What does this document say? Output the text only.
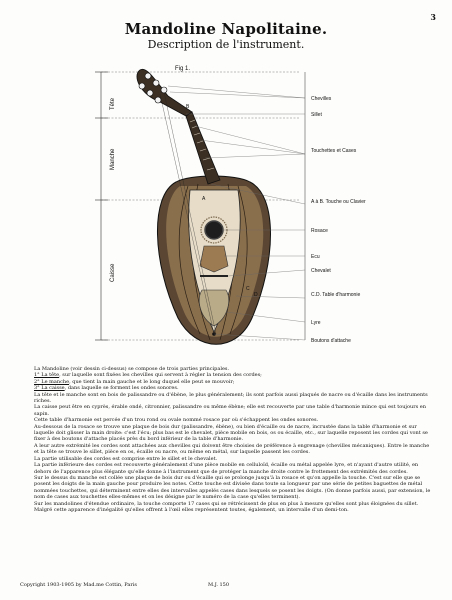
3
Mandoline Napolitaine.
Description de l'instrument.
Fig 1.
Tête
Manche
Caisse
Chevilles
Sillet
Touchettes et Cases
A à B. Touche ou Clavier
Rosace
Ecu
Chevalet
C.D. Table d'harmonie
Lyre
Boutons d'attache
A
B
C
D

La Mandoline (voir dessin ci-dessus) se compose de trois parties principales.

1° La tête, sur laquelle sont fixées les chevilles qui servent à régler la tension des cordes;

2° Le manche, que tient la main gauche et le long duquel elle peut se mouvoir;

3° La caisse, dans laquelle se forment les ondes sonores.

La tête et le manche sont en bois de palissandre ou d'ébène, le plus généralement; ils sont parfois aussi plaqués de nacre ou d'écaille dans les instruments riches.

La caisse peut être en cyprès, érable ondé, citronnier, palissandre ou même ébène; elle est recouverte par une table d'harmonie mince qui est toujours en sapin.

Cette table d'harmonie est percée d'un trou rond ou ovale nommé rosace par où s'échappent les ondes sonores.

Au-dessous de la rosace se trouve une plaque de bois dur (palissandre, ébène), ou bien d'écaille ou de nacre, incrustée dans la table d'harmonie et sur laquelle doit glisser la main droite: c'est l'écu; plus bas est le chevalet, pièce mobile en bois, os ou écaille, etc., sur laquelle reposent les cordes qui vont se fixer à des boutons d'attache placés près du bord inférieur de la table d'harmonie.

A leur autre extrémité les cordes sont attachées aux chevilles qui doivent être choisies de préférence à engrenage (chevilles mécaniques). Entre le manche et la tête se trouve le sillet, pièce en os, écaille ou nacre, ou même en métal, sur laquelle passent les cordes.

La partie utilisable des cordes est comprise entre le sillet et le chevalet.

La partie inférieure des cordes est recouverte généralement d'une pièce mobile en celluloïd, écaille ou métal appelée lyre, et n'ayant d'autre utilité, en dehors de l'apparence plus élégante qu'elle donne à l'instrument que de protéger la manche droite contre le frottement des extrémités des cordes.

Sur le dessus du manche est collée une plaque de bois dur ou d'écaille qui se prolonge jusqu'à la rosace et qu'on appelle la touche. C'est sur elle que se posent les doigts de la main gauche pour produire les notes. Cette touche est divisée dans toute sa longueur par une série de petites baguettes de métal nommées touchettes, qui déterminent entre elles des intervalles appelés cases dans lesquels se posent les doigts. (On donne parfois aussi, par extension, le nom de cases aux touchettes elles-mêmes et on les désigne par le numéro de la case qu'elles terminent).

Sur les mandolines d'étendue ordinaire, la touche comporte 17 cases qui se rétrécissent de plus en plus à mesure qu'elles sont plus éloignées du sillet. Malgré cette apparence d'inégalité qu'elles offrent à l'œil elles représentent toutes, également, un intervalle d'un demi-ton.

Copyright 1903-1905 by Mad.me Cottin, Paris	M.J. 150
